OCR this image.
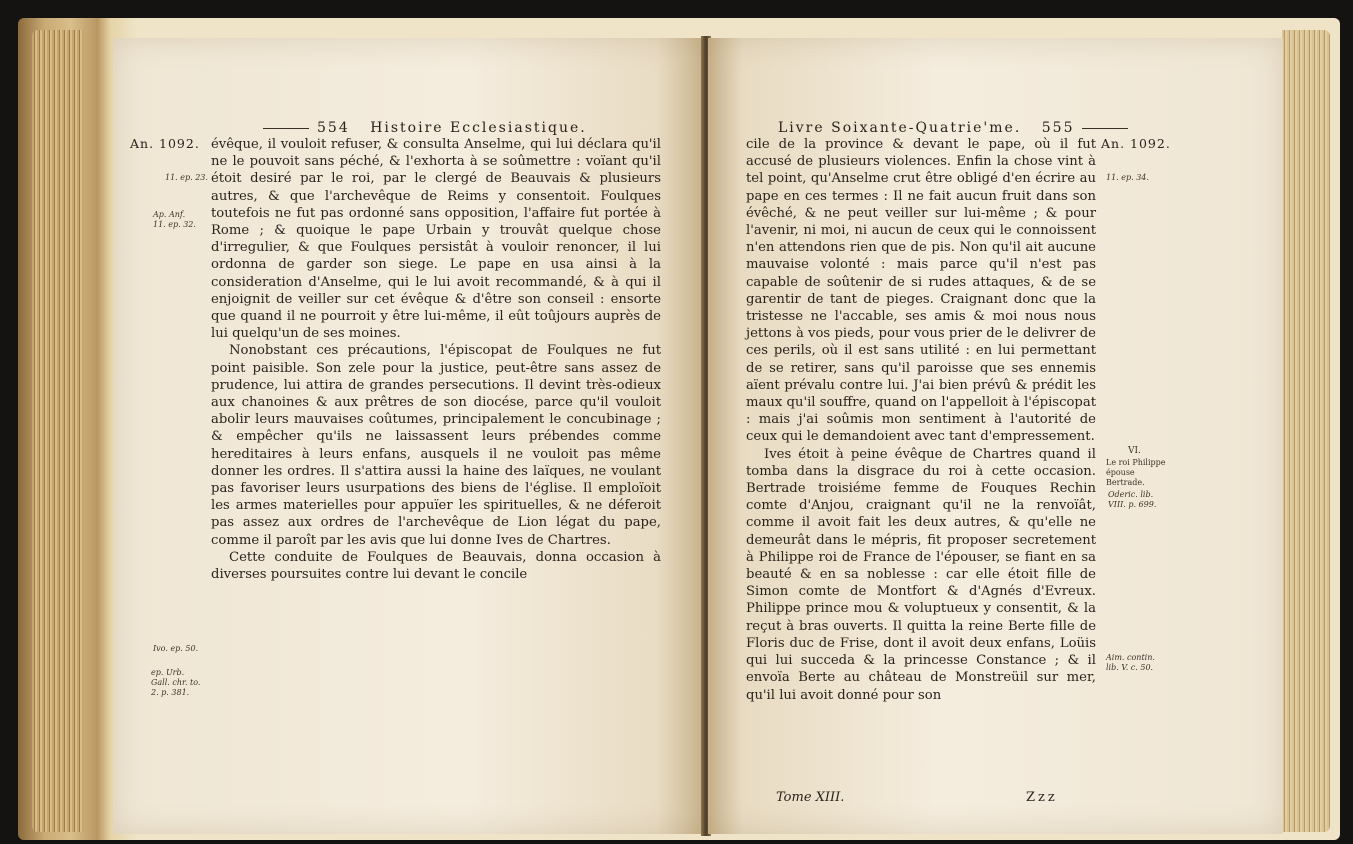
554 Histoire Ecclesiastique.
An. 1092.
11. ep. 23.
Ap. Anf. 11. ep. 32.
Ivo. ep. 50.
ep. Urb. Gall. chr. to. 2. p. 381.

évêque, il vouloit refuser, & consulta Anselme, qui lui déclara qu'il ne le pouvoit sans péché, & l'exhorta à se soûmettre : voïant qu'il étoit desiré par le roi, par le clergé de Beauvais & plusieurs autres, & que l'archevêque de Reims y consentoit. Foulques toutefois ne fut pas ordonné sans opposition, l'affaire fut portée à Rome ; & quoique le pape Urbain y trouvât quelque chose d'irregulier, & que Foulques persistât à vouloir renoncer, il lui ordonna de garder son siege. Le pape en usa ainsi à la consideration d'Anselme, qui le lui avoit recommandé, & à qui il enjoignit de veiller sur cet évêque & d'être son conseil : ensorte que quand il ne pourroit y être lui-même, il eût toûjours auprès de lui quelqu'un de ses moines.

Nonobstant ces précautions, l'épiscopat de Foulques ne fut point paisible. Son zele pour la justice, peut-être sans assez de prudence, lui attira de grandes persecutions. Il devint très-odieux aux chanoines & aux prêtres de son diocése, parce qu'il vouloit abolir leurs mauvaises coûtumes, principalement le concubinage ; & empêcher qu'ils ne laissassent leurs prébendes comme hereditaires à leurs enfans, ausquels il ne vouloit pas même donner les ordres. Il s'attira aussi la haine des laïques, ne voulant pas favoriser leurs usurpations des biens de l'église. Il emploïoit les armes materielles pour appuïer les spirituelles, & ne déferoit pas assez aux ordres de l'archevêque de Lion légat du pape, comme il paroît par les avis que lui donne Ives de Chartres.

Cette conduite de Foulques de Beauvais, donna occasion à diverses poursuites contre lui devant le concile

Livre Soixante-Quatrie'me. 555
An. 1092.
11. ep. 34.
VI.
Le roi Philippe épouse Bertrade.
Oderic. lib. VIII. p. 699.
Aim. contin. lib. V. c. 50.

cile de la province & devant le pape, où il fut accusé de plusieurs violences. Enfin la chose vint à tel point, qu'Anselme crut être obligé d'en écrire au pape en ces termes : Il ne fait aucun fruit dans son évêché, & ne peut veiller sur lui-même ; & pour l'avenir, ni moi, ni aucun de ceux qui le connoissent n'en attendons rien que de pis. Non qu'il ait aucune mauvaise volonté : mais parce qu'il n'est pas capable de soûtenir de si rudes attaques, & de se garentir de tant de pieges. Craignant donc que la tristesse ne l'accable, ses amis & moi nous nous jettons à vos pieds, pour vous prier de le delivrer de ces perils, où il est sans utilité : en lui permettant de se retirer, sans qu'il paroisse que ses ennemis aïent prévalu contre lui. J'ai bien prévû & prédit les maux qu'il souffre, quand on l'appelloit à l'épiscopat : mais j'ai soûmis mon sentiment à l'autorité de ceux qui le demandoient avec tant d'empressement.

Ives étoit à peine évêque de Chartres quand il tomba dans la disgrace du roi à cette occasion. Bertrade troisiéme femme de Fouques Rechin comte d'Anjou, craignant qu'il ne la renvoïât, comme il avoit fait les deux autres, & qu'elle ne demeurât dans le mépris, fit proposer secretement à Philippe roi de France de l'épouser, se fiant en sa beauté & en sa noblesse : car elle étoit fille de Simon comte de Montfort & d'Agnés d'Evreux. Philippe prince mou & voluptueux y consentit, & la reçut à bras ouverts. Il quitta la reine Berte fille de Floris duc de Frise, dont il avoit deux enfans, Loüis qui lui succeda & la princesse Constance ; & il envoïa Berte au château de Monstreüil sur mer, qu'il lui avoit donné pour son

Tome XIII.	Zzz
